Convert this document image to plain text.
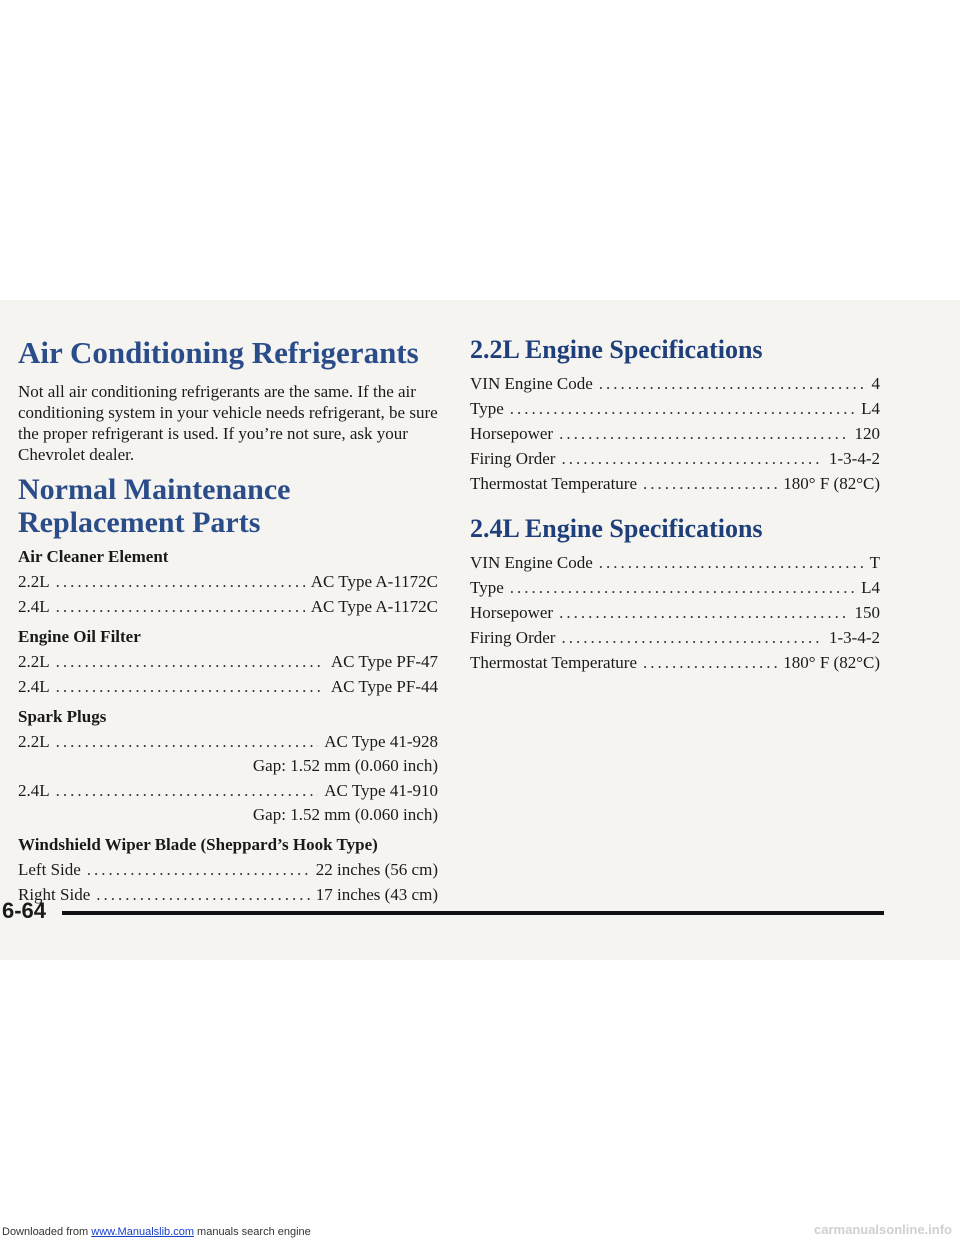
Air Conditioning Refrigerants

Not all air conditioning refrigerants are the same. If the air conditioning system in your vehicle needs refrigerant, be sure the proper refrigerant is used. If you’re not sure, ask your Chevrolet dealer.

Normal Maintenance
Replacement Parts
Air Cleaner Element
2.2L .....	AC Type A-1172C
2.4L .....	AC Type A-1172C
Engine Oil Filter
2.2L .....	AC Type PF-47
2.4L .....	AC Type PF-44
Spark Plugs
2.2L .....	AC Type 41-928
Gap: 1.52 mm (0.060 inch)
2.4L .....	AC Type 41-910
Gap: 1.52 mm (0.060 inch)
Windshield Wiper Blade (Sheppard’s Hook Type)
Left Side .....	22 inches (56 cm)
Right Side .....	17 inches (43 cm)
2.2L Engine Specifications
VIN Engine Code .....	4
Type .....	L4
Horsepower .....	120
Firing Order .....	1-3-4-2
Thermostat Temperature .....	180° F (82°C)
2.4L Engine Specifications
VIN Engine Code .....	T
Type .....	L4
Horsepower .....	150
Firing Order .....	1-3-4-2
Thermostat Temperature .....	180° F (82°C)
6-64
Downloaded from www.Manualslib.com manuals search engine	carmanualsonline.info
